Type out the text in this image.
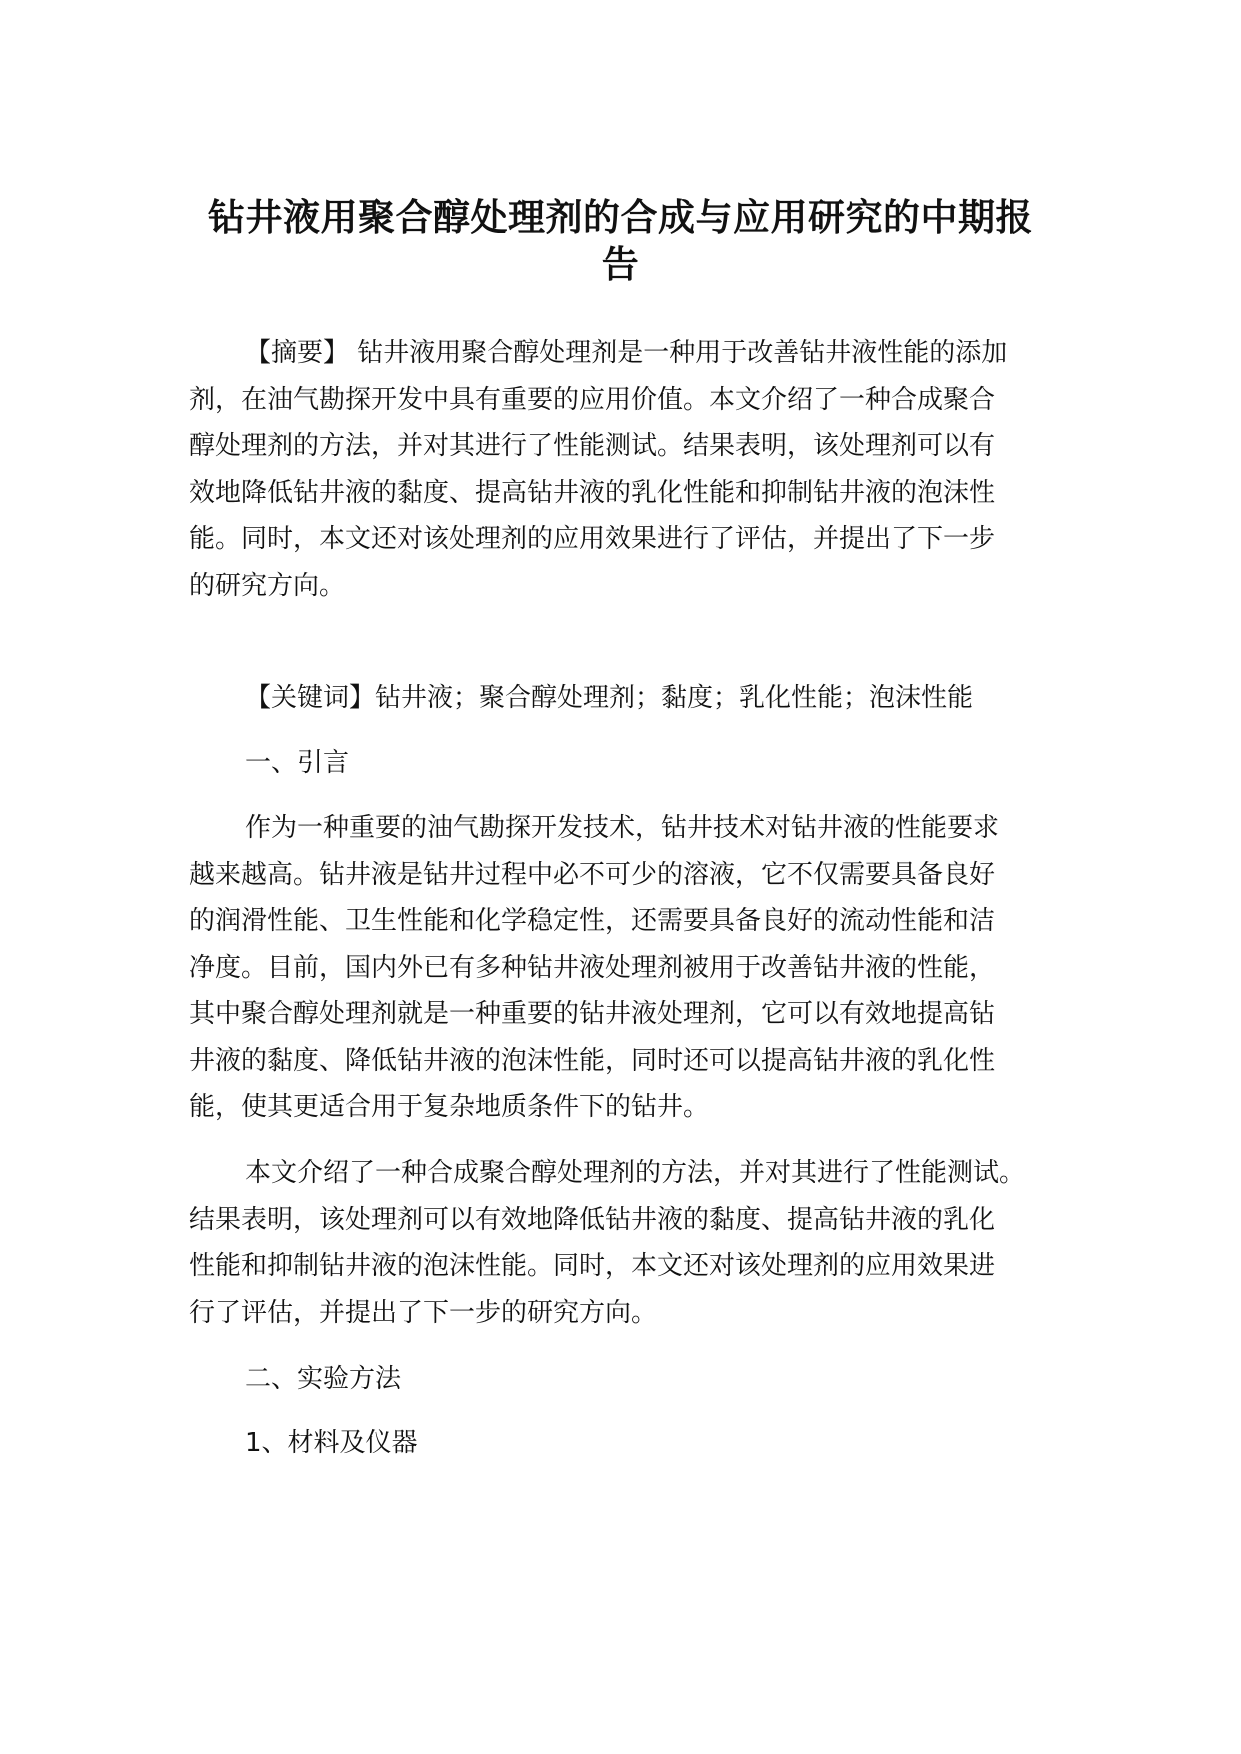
钻井液用聚合醇处理剂的合成与应用研究的中期报
告
【摘要】 钻井液用聚合醇处理剂是一种用于改善钻井液性能的添加
剂，在油气勘探开发中具有重要的应用价值。本文介绍了一种合成聚合
醇处理剂的方法，并对其进行了性能测试。结果表明，该处理剂可以有
效地降低钻井液的黏度、提高钻井液的乳化性能和抑制钻井液的泡沫性
能。同时，本文还对该处理剂的应用效果进行了评估，并提出了下一步
的研究方向。

【关键词】钻井液；聚合醇处理剂；黏度；乳化性能；泡沫性能

一、引言

作为一种重要的油气勘探开发技术，钻井技术对钻井液的性能要求
越来越高。钻井液是钻井过程中必不可少的溶液，它不仅需要具备良好
的润滑性能、卫生性能和化学稳定性，还需要具备良好的流动性能和洁
净度。目前，国内外已有多种钻井液处理剂被用于改善钻井液的性能，
其中聚合醇处理剂就是一种重要的钻井液处理剂，它可以有效地提高钻
井液的黏度、降低钻井液的泡沫性能，同时还可以提高钻井液的乳化性
能，使其更适合用于复杂地质条件下的钻井。
本文介绍了一种合成聚合醇处理剂的方法，并对其进行了性能测试。
结果表明，该处理剂可以有效地降低钻井液的黏度、提高钻井液的乳化
性能和抑制钻井液的泡沫性能。同时，本文还对该处理剂的应用效果进
行了评估，并提出了下一步的研究方向。

二、实验方法

1、材料及仪器
